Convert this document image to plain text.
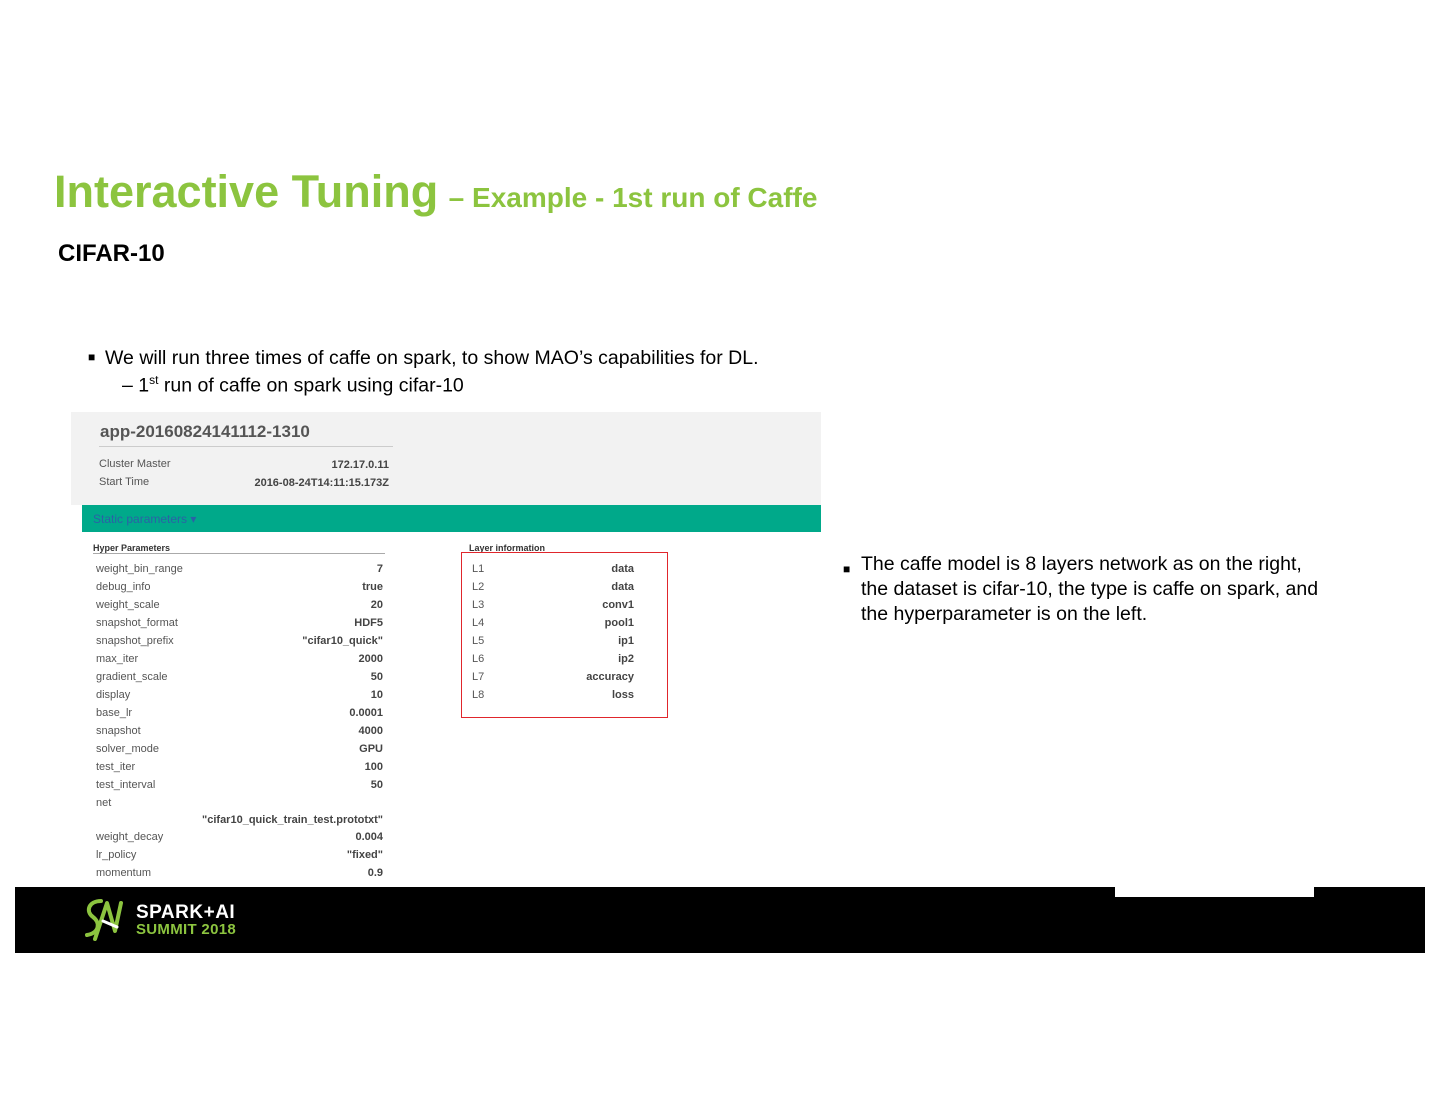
Interactive Tuning – Example - 1st run of Caffe
CIFAR-10
■ We will run three times of caffe on spark, to show MAO’s capabilities for DL.
– 1st run of caffe on spark using cifar-10
app-20160824141112-1310
Cluster Master	172.17.0.11
Start Time	2016-08-24T14:11:15.173Z
Static parameters ▾
Hyper Parameters
weight_bin_range	7
debug_info	true
weight_scale	20
snapshot_format	HDF5
snapshot_prefix	"cifar10_quick"
max_iter	2000
gradient_scale	50
display	10
base_lr	0.0001
snapshot	4000
solver_mode	GPU
test_iter	100
test_interval	50
net
"cifar10_quick_train_test.prototxt"
weight_decay	0.004
lr_policy	"fixed"
momentum	0.9
Layer information
L1	data
L2	data
L3	conv1
L4	pool1
L5	ip1
L6	ip2
L7	accuracy
L8	loss
■ The caffe model is 8 layers network as on the right, the dataset is cifar-10, the type is caffe on spark, and the hyperparameter is on the left.
SPARK+AI
SUMMIT 2018
